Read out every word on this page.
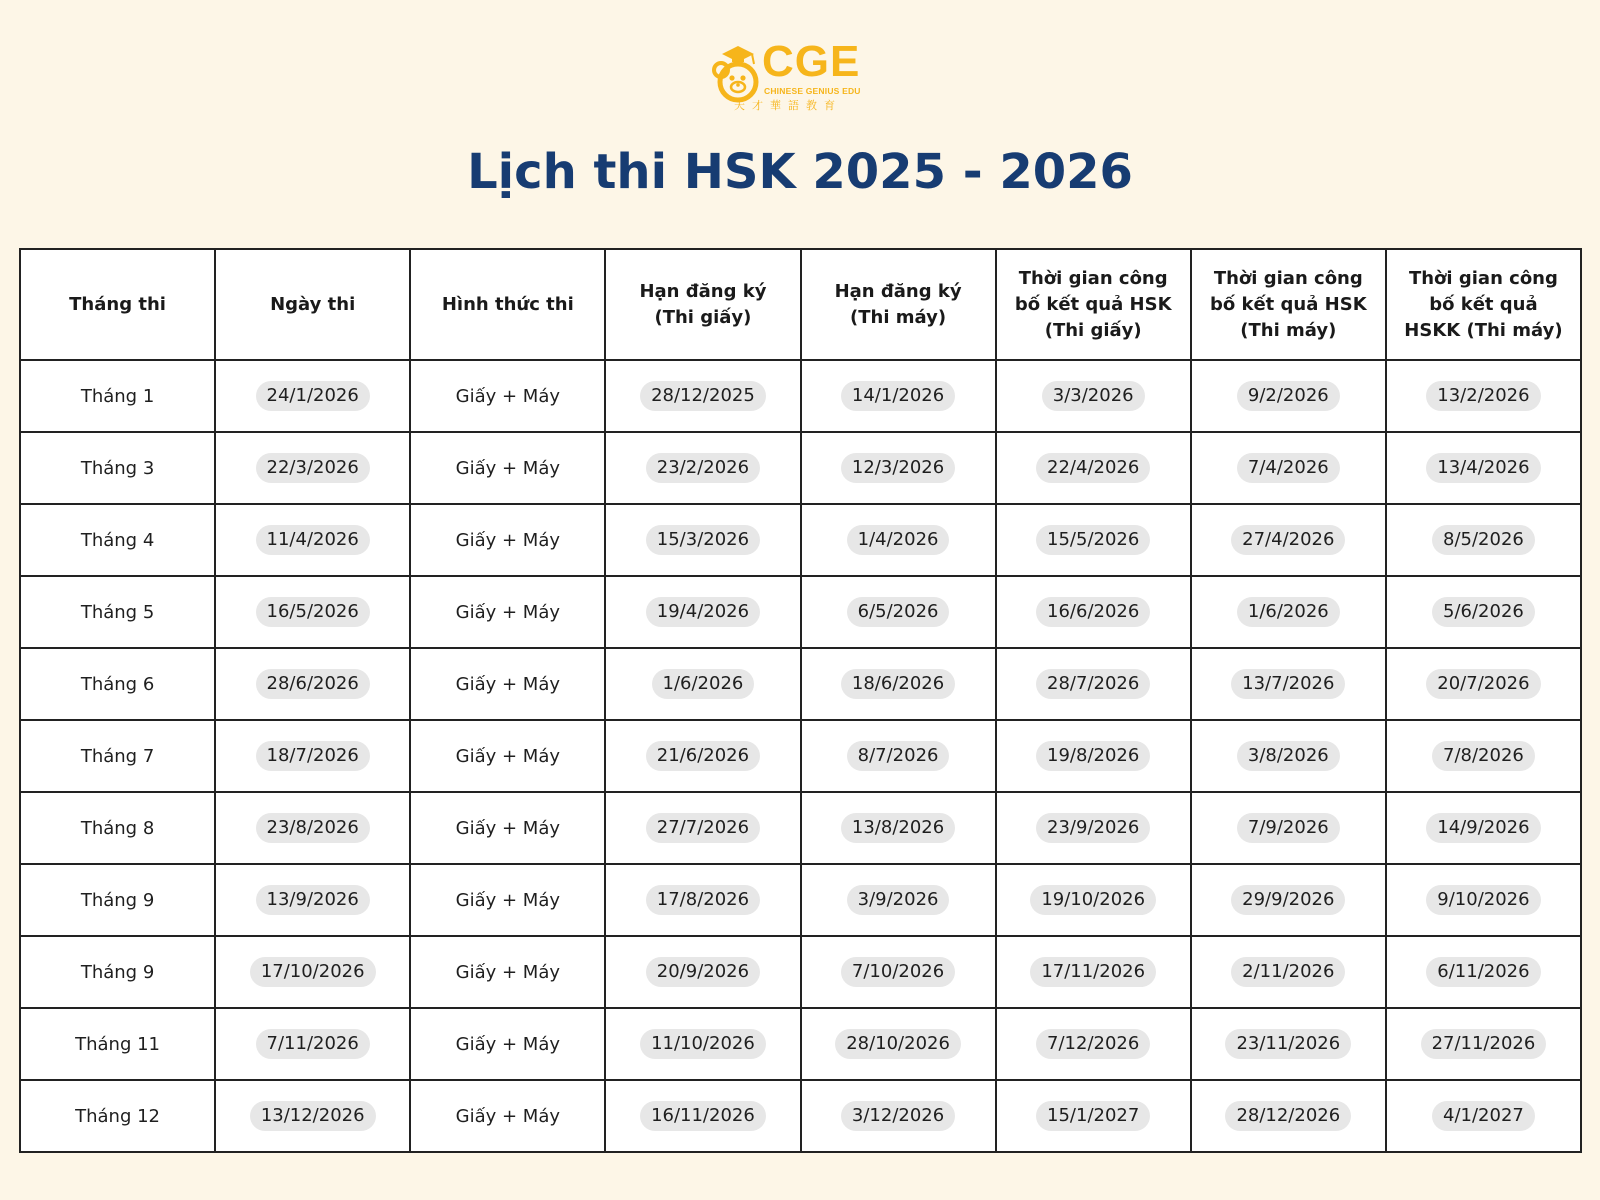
CGE
CHINESE GENIUS EDU
天才華語教育
Lịch thi HSK 2025 - 2026
Tháng thi	Ngày thi	Hình thức thi	Hạn đăng ký (Thi giấy)	Hạn đăng ký (Thi máy)	Thời gian công bố kết quả HSK (Thi giấy)	Thời gian công bố kết quả HSK (Thi máy)	Thời gian công bố kết quả HSKK (Thi máy)
Tháng 1	24/1/2026	Giấy + Máy	28/12/2025	14/1/2026	3/3/2026	9/2/2026	13/2/2026
Tháng 3	22/3/2026	Giấy + Máy	23/2/2026	12/3/2026	22/4/2026	7/4/2026	13/4/2026
Tháng 4	11/4/2026	Giấy + Máy	15/3/2026	1/4/2026	15/5/2026	27/4/2026	8/5/2026
Tháng 5	16/5/2026	Giấy + Máy	19/4/2026	6/5/2026	16/6/2026	1/6/2026	5/6/2026
Tháng 6	28/6/2026	Giấy + Máy	1/6/2026	18/6/2026	28/7/2026	13/7/2026	20/7/2026
Tháng 7	18/7/2026	Giấy + Máy	21/6/2026	8/7/2026	19/8/2026	3/8/2026	7/8/2026
Tháng 8	23/8/2026	Giấy + Máy	27/7/2026	13/8/2026	23/9/2026	7/9/2026	14/9/2026
Tháng 9	13/9/2026	Giấy + Máy	17/8/2026	3/9/2026	19/10/2026	29/9/2026	9/10/2026
Tháng 9	17/10/2026	Giấy + Máy	20/9/2026	7/10/2026	17/11/2026	2/11/2026	6/11/2026
Tháng 11	7/11/2026	Giấy + Máy	11/10/2026	28/10/2026	7/12/2026	23/11/2026	27/11/2026
Tháng 12	13/12/2026	Giấy + Máy	16/11/2026	3/12/2026	15/1/2027	28/12/2026	4/1/2027
